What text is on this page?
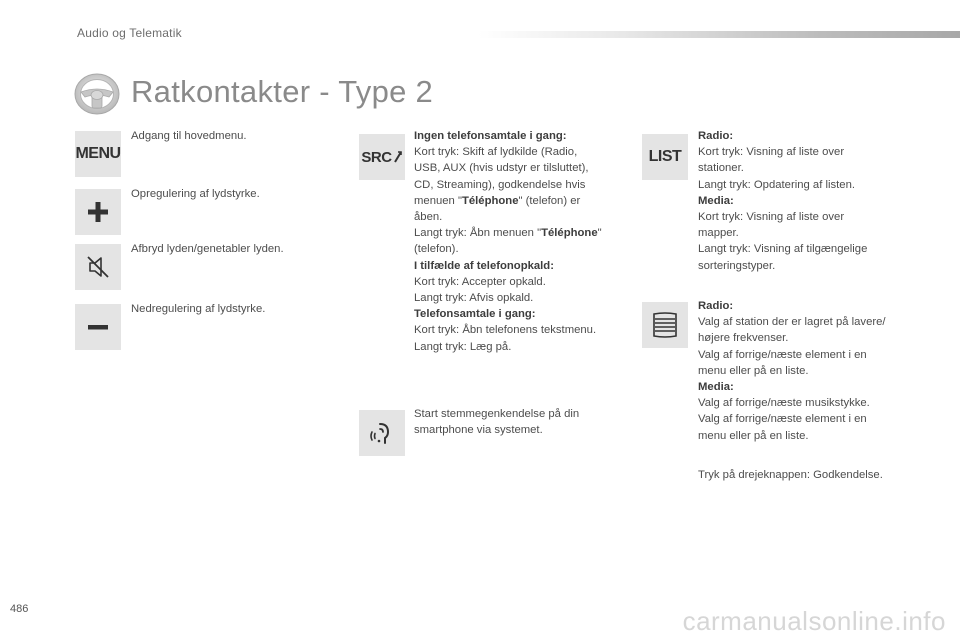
Audio og Telematik
Ratkontakter - Type 2
MENU
Adgang til hovedmenu.
Opregulering af lydstyrke.
Afbryd lyden/genetabler lyden.
Nedregulering af lydstyrke.
SRC
Ingen telefonsamtale i gang:
Kort tryk: Skift af lydkilde (Radio,
USB, AUX (hvis udstyr er tilsluttet),
CD, Streaming), godkendelse hvis
menuen "Téléphone" (telefon) er
åben.
Langt tryk: Åbn menuen "Téléphone"
(telefon).
I tilfælde af telefonopkald:
Kort tryk: Accepter opkald.
Langt tryk: Afvis opkald.
Telefonsamtale i gang:
Kort tryk: Åbn telefonens tekstmenu.
Langt tryk: Læg på.
Start stemmegenkendelse på din
smartphone via systemet.
LIST
Radio:
Kort tryk: Visning af liste over
stationer.
Langt tryk: Opdatering af listen.
Media:
Kort tryk: Visning af liste over
mapper.
Langt tryk: Visning af tilgængelige
sorteringstyper.
Radio:
Valg af station der er lagret på lavere/
højere frekvenser.
Valg af forrige/næste element i en
menu eller på en liste.
Media:
Valg af forrige/næste musikstykke.
Valg af forrige/næste element i en
menu eller på en liste.
Tryk på drejeknappen: Godkendelse.
486	carmanualsonline.info
